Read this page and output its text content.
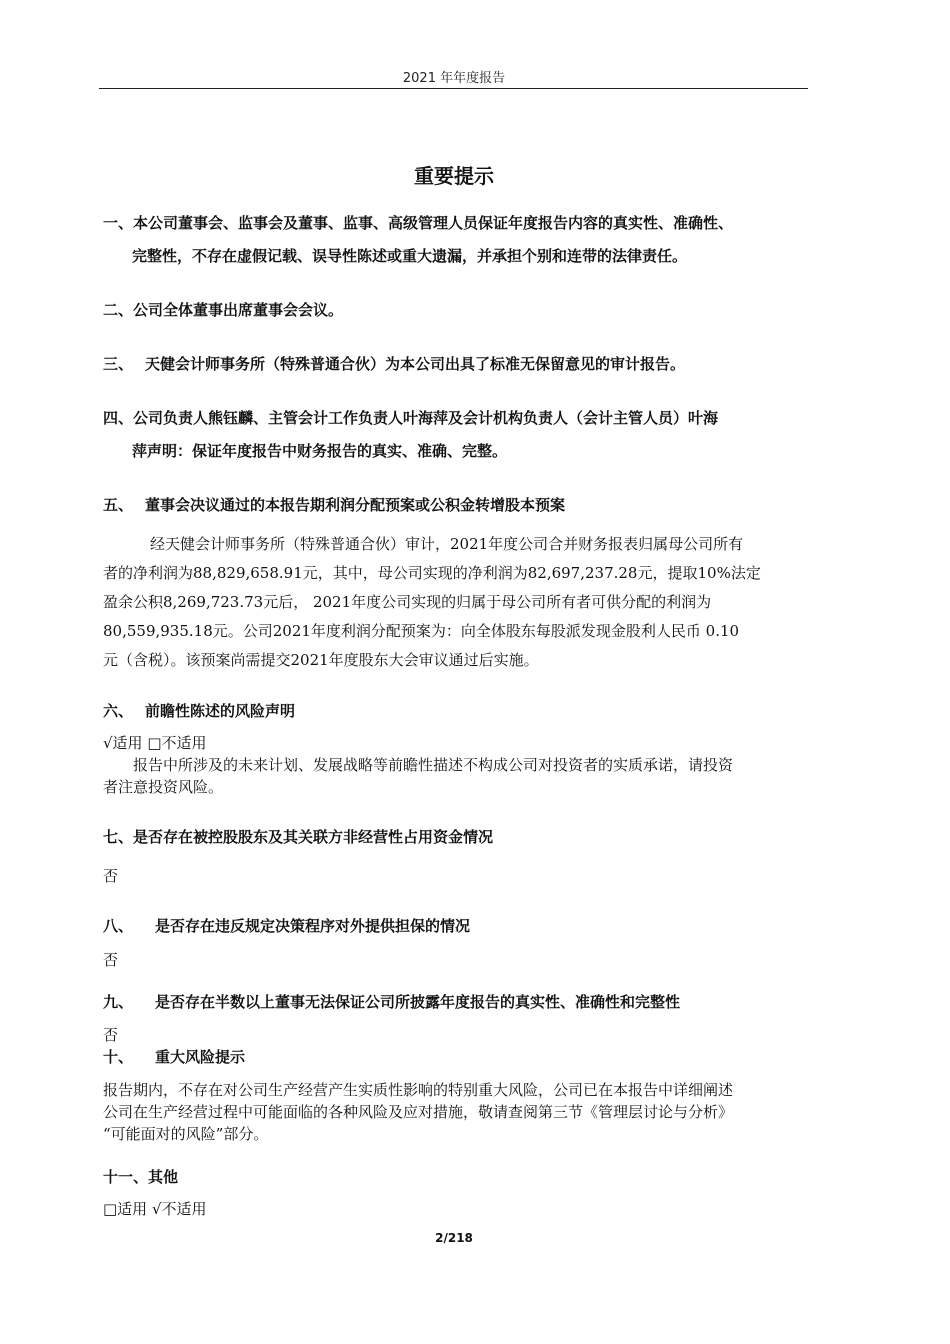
2021 年年度报告
重要提示
一、本公司董事会、监事会及董事、监事、高级管理人员保证年度报告内容的真实性、准确性、
完整性，不存在虚假记载、误导性陈述或重大遗漏，并承担个别和连带的法律责任。
二、公司全体董事出席董事会会议。
三、 天健会计师事务所（特殊普通合伙）为本公司出具了标准无保留意见的审计报告。
四、公司负责人熊钰麟、主管会计工作负责人叶海萍及会计机构负责人（会计主管人员）叶海
萍声明：保证年度报告中财务报告的真实、准确、完整。
五、 董事会决议通过的本报告期利润分配预案或公积金转增股本预案
经天健会计师事务所（特殊普通合伙）审计，2021年度公司合并财务报表归属母公司所有
者的净利润为88,829,658.91元，其中，母公司实现的净利润为82,697,237.28元，提取10%法定
盈余公积8,269,723.73元后， 2021年度公司实现的归属于母公司所有者可供分配的利润为
80,559,935.18元。公司2021年度利润分配预案为：向全体股东每股派发现金股利人民币 0.10
元（含税）。该预案尚需提交2021年度股东大会审议通过后实施。
六、 前瞻性陈述的风险声明
√适用 □不适用
报告中所涉及的未来计划、发展战略等前瞻性描述不构成公司对投资者的实质承诺，请投资
者注意投资风险。
七、是否存在被控股股东及其关联方非经营性占用资金情况
否
八、 是否存在违反规定决策程序对外提供担保的情况
否
九、 是否存在半数以上董事无法保证公司所披露年度报告的真实性、准确性和完整性
否
十、 重大风险提示
报告期内，不存在对公司生产经营产生实质性影响的特别重大风险，公司已在本报告中详细阐述
公司在生产经营过程中可能面临的各种风险及应对措施，敬请查阅第三节《管理层讨论与分析》
“可能面对的风险”部分。
十一、其他
□适用 √不适用
2/218
